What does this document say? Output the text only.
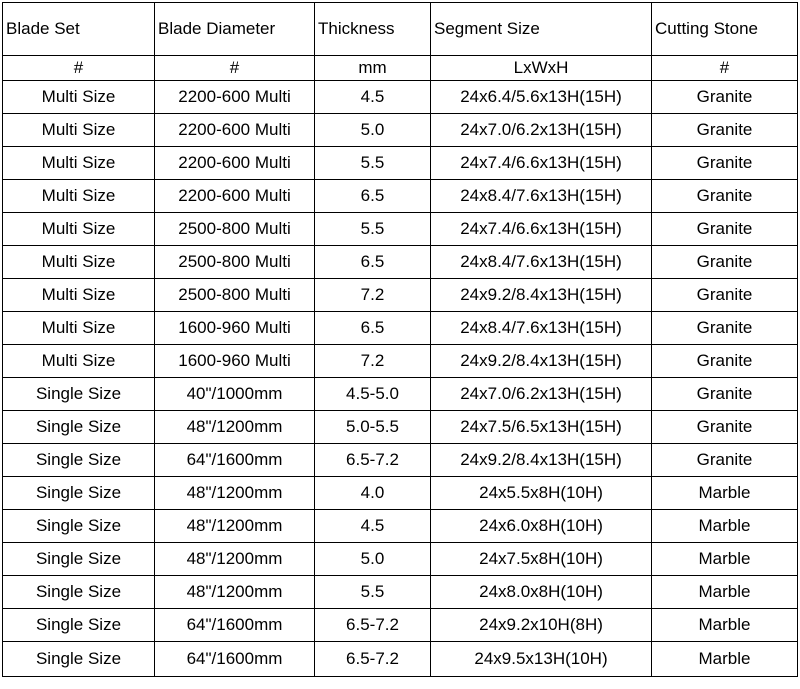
Blade Set	Blade Diameter	Thickness	Segment Size	Cutting Stone
#	#	mm	LxWxH	#
Multi Size	2200-600 Multi	4.5	24x6.4/5.6x13H(15H)	Granite
Multi Size	2200-600 Multi	5.0	24x7.0/6.2x13H(15H)	Granite
Multi Size	2200-600 Multi	5.5	24x7.4/6.6x13H(15H)	Granite
Multi Size	2200-600 Multi	6.5	24x8.4/7.6x13H(15H)	Granite
Multi Size	2500-800 Multi	5.5	24x7.4/6.6x13H(15H)	Granite
Multi Size	2500-800 Multi	6.5	24x8.4/7.6x13H(15H)	Granite
Multi Size	2500-800 Multi	7.2	24x9.2/8.4x13H(15H)	Granite
Multi Size	1600-960 Multi	6.5	24x8.4/7.6x13H(15H)	Granite
Multi Size	1600-960 Multi	7.2	24x9.2/8.4x13H(15H)	Granite
Single Size	40"/1000mm	4.5-5.0	24x7.0/6.2x13H(15H)	Granite
Single Size	48"/1200mm	5.0-5.5	24x7.5/6.5x13H(15H)	Granite
Single Size	64"/1600mm	6.5-7.2	24x9.2/8.4x13H(15H)	Granite
Single Size	48"/1200mm	4.0	24x5.5x8H(10H)	Marble
Single Size	48"/1200mm	4.5	24x6.0x8H(10H)	Marble
Single Size	48"/1200mm	5.0	24x7.5x8H(10H)	Marble
Single Size	48"/1200mm	5.5	24x8.0x8H(10H)	Marble
Single Size	64"/1600mm	6.5-7.2	24x9.2x10H(8H)	Marble
Single Size	64"/1600mm	6.5-7.2	24x9.5x13H(10H)	Marble
